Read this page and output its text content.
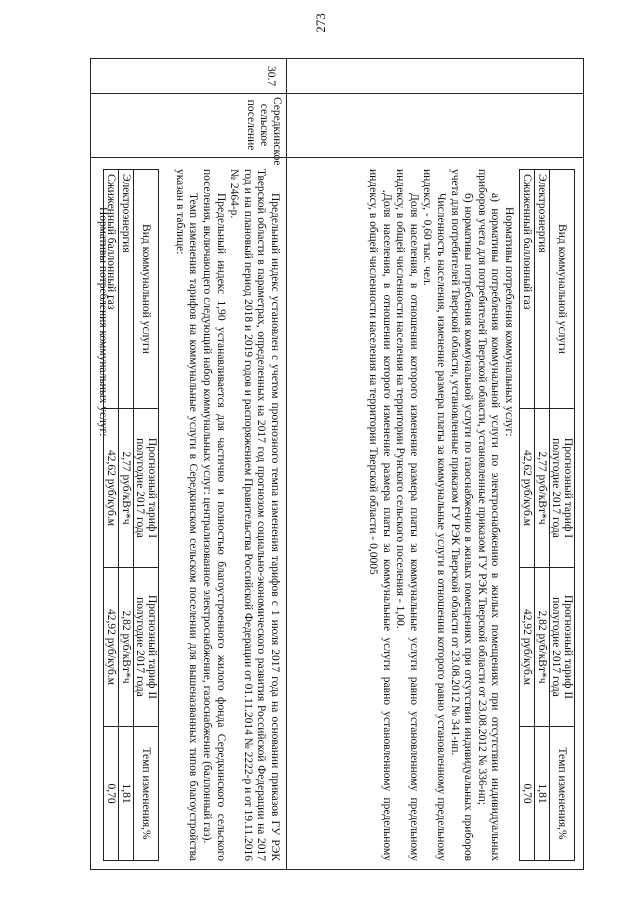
273
30.7
Середкинское сельское поселение
·
Вид коммунальной услуги	Прогнозный тариф I полугодие 2017 года	Прогнозный тариф II полугодие 2017 года	Темп изменения,%
Электроэнергия	2,77 руб/кВт*ч	2,82 руб/кВт*ч	1,81
Сжиженный баллонный газ	42,62 руб/куб.м	42,92 руб/куб.м	0,70

Нормативы потребления коммунальных услуг:

а) нормативы потребления коммунальной услуги по электроснабжению в жилых помещениях при отсутствии индивидуальных приборов учета для потребителей Тверской области, установленные приказом ГУ РЭК Тверской области от 23.08.2012 № 336-нп;

б) нормативы потребления коммунальной услуги по газоснабжению в жилых помещениях при отсутствии индивидуальных приборов учета для потребителей Тверской области, установленные приказом ГУ РЭК Тверской области от 23.08.2012 № 341-нп.

Численность населения, изменение размера платы за коммунальные услуги в отношении которого равно установленному предельному индексу, - 0,60 тыс. чел.

Доля населения, в отношении которого изменение размера платы за коммунальные услуги равно установленному предельному индексу, в общей численности населения на территории Рунского сельского поселения - 1,00.

Доля населения, в отношении которого изменение размера платы за коммунальные услуги равно установленному предельному индексу, в общей численности населения на территории Тверской области - 0,0005

Предельный индекс установлен с учетом прогнозного темпа изменения тарифов с 1 июля 2017 года на основании приказов ГУ РЭК Тверской области в параметрах, определенных на 2017 год прогнозом социально-экономического развития Российской Федерации на 2017 год и на плановый период 2018 и 2019 годов и распоряжением Правительства Российской Федерации от 01.11.2014 № 2222-р и от 19.11.2016 № 2464-р.

Предельный индекс 1,90 устанавливается для частично и полностью благоустроенного жилого фонда Середкинского сельского поселения, включающего следующий набор коммунальных услуг: централизованное электроснабжение, газоснабжение (баллонный газ).

Темп изменения тарифов на коммунальные услуги в Середкинском сельском поселении для вышеназванных типов благоустройства указан в таблице:

Вид коммунальной услуги	Прогнозный тариф I полугодие 2017 года	Прогнозный тариф II полугодие 2017 года	Темп изменения,%
Электроэнергия	2,77 руб/кВт*ч	2,82 руб/кВт*ч	1,81
Сжиженный баллонный газ	42,62 руб/куб.м	42,92 руб/куб.м	0,70

Нормативы потребления коммунальных услуг:
